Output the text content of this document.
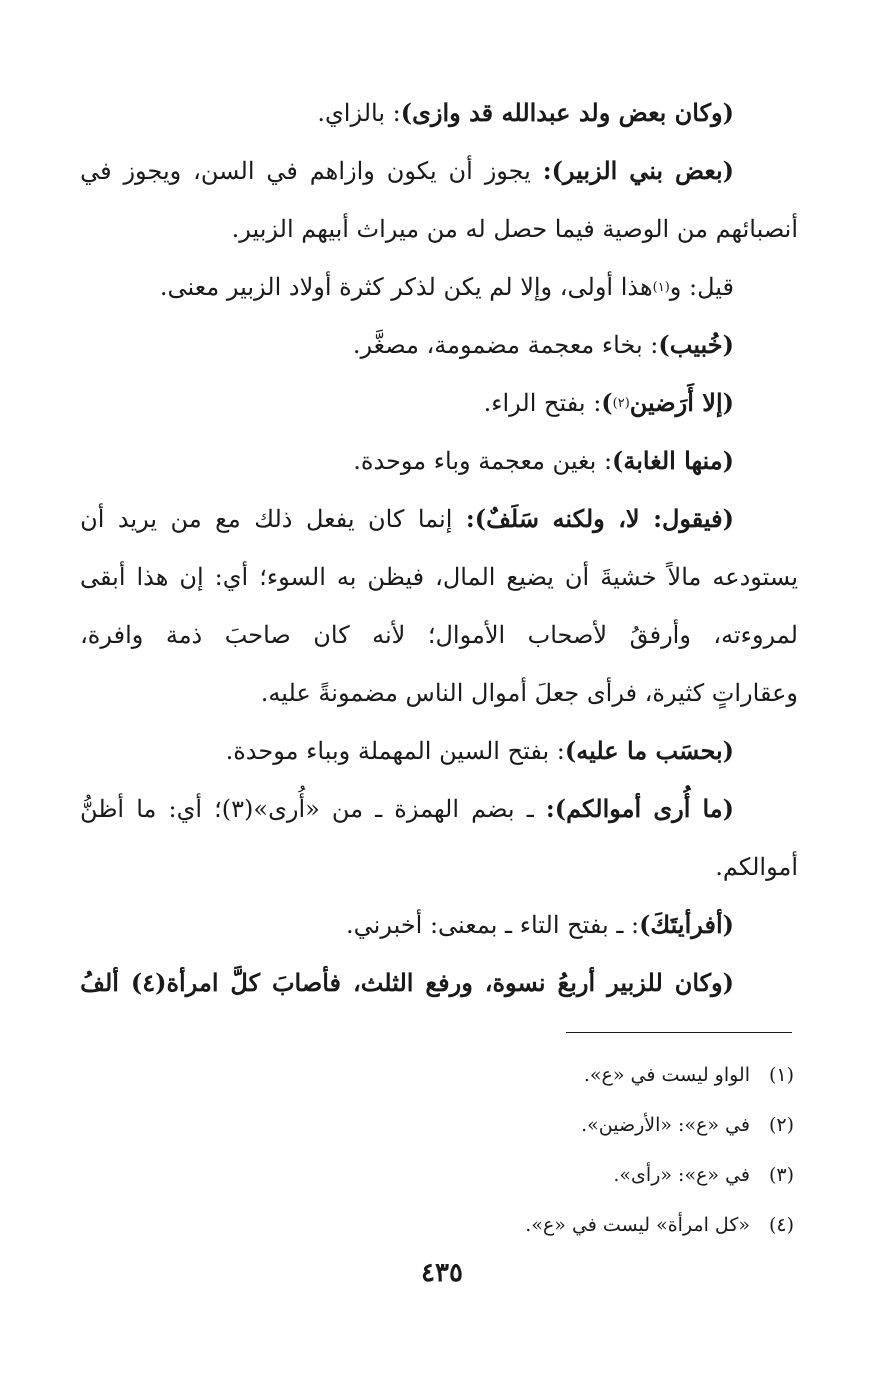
(وكان بعض ولد عبدالله قد وازى)
: بالزاي.
(بعض
بني
الزبير):
يجوز
أن
يكون
وازاهم
في
السن،
ويجوز
في
أنصبائهم من الوصية فيما حصل له من ميراث أبيهم الزبير.
قيل: و
(١)
هذا أولى، وإلا لم يكن لذكر كثرة أولاد الزبير معنى.
(خُبيب)
: بخاء معجمة مضمومة، مصغَّر.
(إلا أَرَضين
(٢)
)
: بفتح الراء.
(منها الغابة)
: بغين معجمة وباء موحدة.
(فيقول:
لا،
ولكنه
سَلَفٌ):
إنما
كان
يفعل
ذلك
مع
من
يريد
أن
يستودعه
مالاً
خشيةَ
أن
يضيع
المال،
فيظن
به
السوء؛
أي:
إن
هذا
أبقى
لمروءته،
وأرفقُ
لأصحاب
الأموال؛
لأنه
كان
صاحبَ
ذمة
وافرة،
وعقاراتٍ كثيرة، فرأى جعلَ أموال الناس مضمونةً عليه.
(بحسَب ما عليه)
: بفتح السين المهملة وبباء موحدة.
(ما
أُرى
أموالكم):
ـ
بضم
الهمزة
ـ
من
«أُرى»(٣)؛
أي:
ما
أظنُّ
أموالكم.
(أفرأيتَكَ)
: ـ بفتح التاء ـ بمعنى: أخبرني.
(وكان
للزبير
أربعُ
نسوة،
ورفع
الثلث،
فأصابَ
كلَّ
امرأة(٤)
ألفُ
(١)
الواو ليست في «ع».
(٢)
في «ع»: «الأرضين».
(٣)
في «ع»: «رأى».
(٤)
«كل امرأة» ليست في «ع».
٤٣٥
